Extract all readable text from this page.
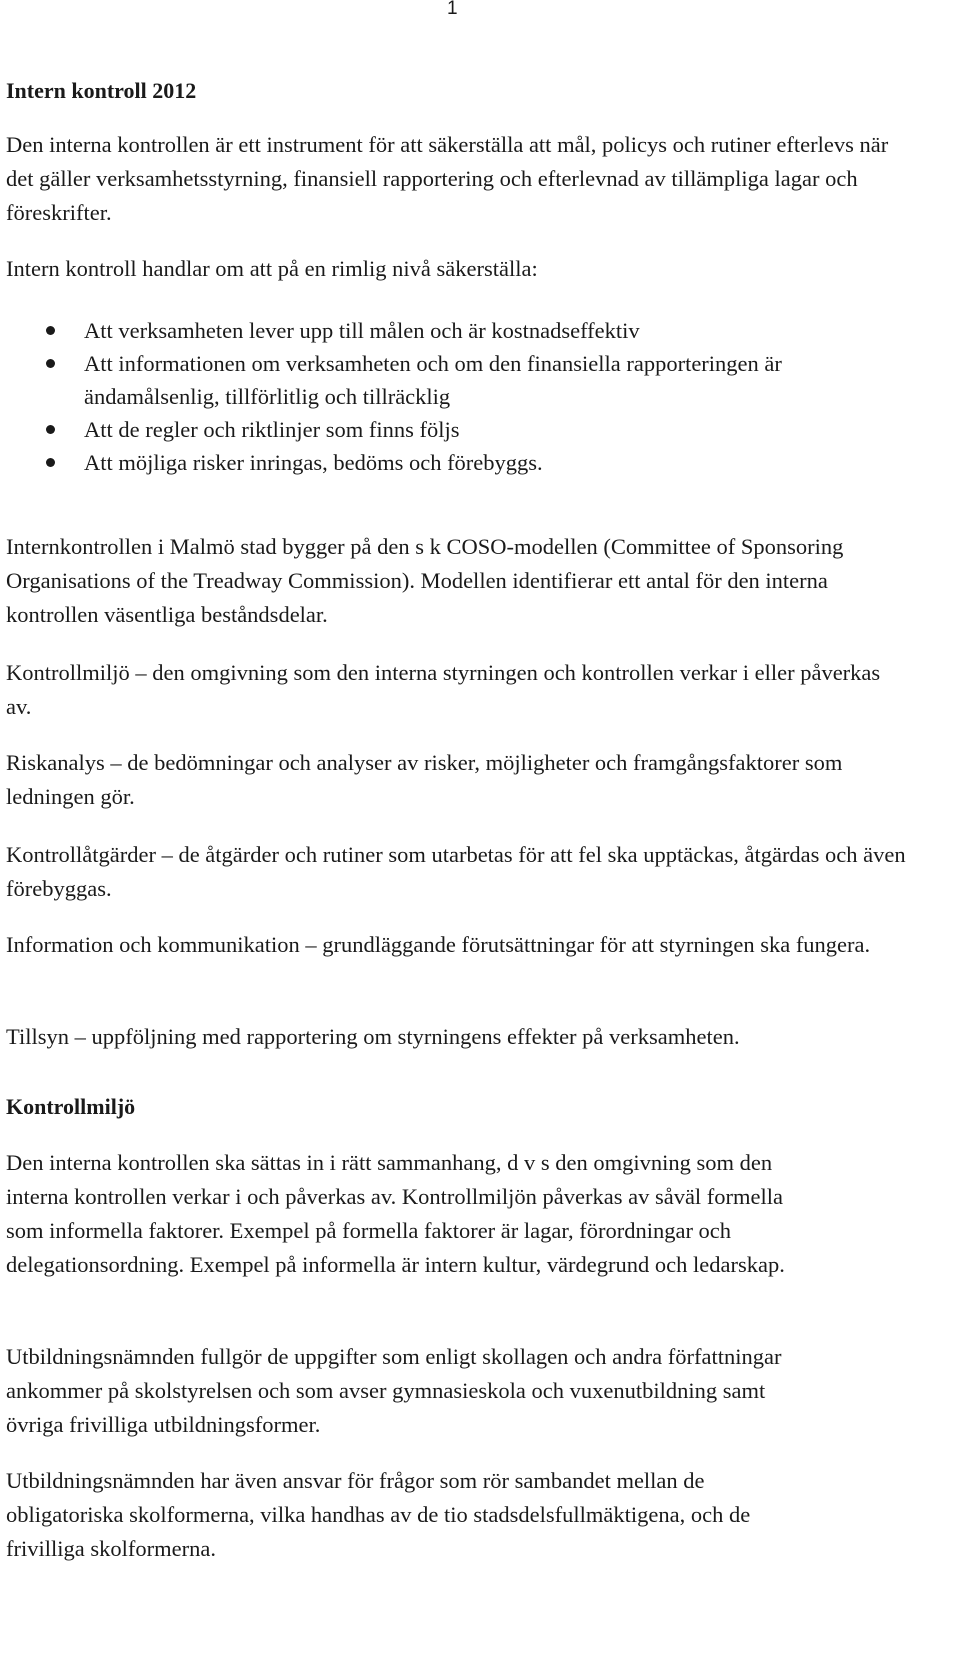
1
Intern kontroll 2012

Den interna kontrollen är ett instrument för att säkerställa att mål, policys och rutiner efterlevs när det gäller verksamhetsstyrning, finansiell rapportering och efterlevnad av tillämpliga lagar och föreskrifter.

Intern kontroll handlar om att på en rimlig nivå säkerställa:

Att verksamheten lever upp till målen och är kostnadseffektiv
Att informationen om verksamheten och om den finansiella rapporteringen är ändamålsenlig, tillförlitlig och tillräcklig
Att de regler och riktlinjer som finns följs
Att möjliga risker inringas, bedöms och förebyggs.

Internkontrollen i Malmö stad bygger på den s k COSO-modellen (Committee of Sponsoring Organisations of the Treadway Commission). Modellen identifierar ett antal för den interna kontrollen väsentliga beståndsdelar.

Kontrollmiljö – den omgivning som den interna styrningen och kontrollen verkar i eller påverkas av.

Riskanalys – de bedömningar och analyser av risker, möjligheter och framgångsfaktorer som ledningen gör.

Kontrollåtgärder – de åtgärder och rutiner som utarbetas för att fel ska upptäckas, åtgärdas och även förebyggas.

Information och kommunikation – grundläggande förutsättningar för att styrningen ska fungera.

Tillsyn – uppföljning med rapportering om styrningens effekter på verksamheten.

Kontrollmiljö

Den interna kontrollen ska sättas in i rätt sammanhang, d v s den omgivning som den interna kontrollen verkar i och påverkas av. Kontrollmiljön påverkas av såväl formella som informella faktorer. Exempel på formella faktorer är lagar, förordningar och delegationsordning. Exempel på informella är intern kultur, värdegrund och ledarskap.

Utbildningsnämnden fullgör de uppgifter som enligt skollagen och andra författningar ankommer på skolstyrelsen och som avser gymnasieskola och vuxenutbildning samt övriga frivilliga utbildningsformer.

Utbildningsnämnden har även ansvar för frågor som rör sambandet mellan de obligatoriska skolformerna, vilka handhas av de tio stadsdelsfullmäktigena, och de frivilliga skolformerna.
